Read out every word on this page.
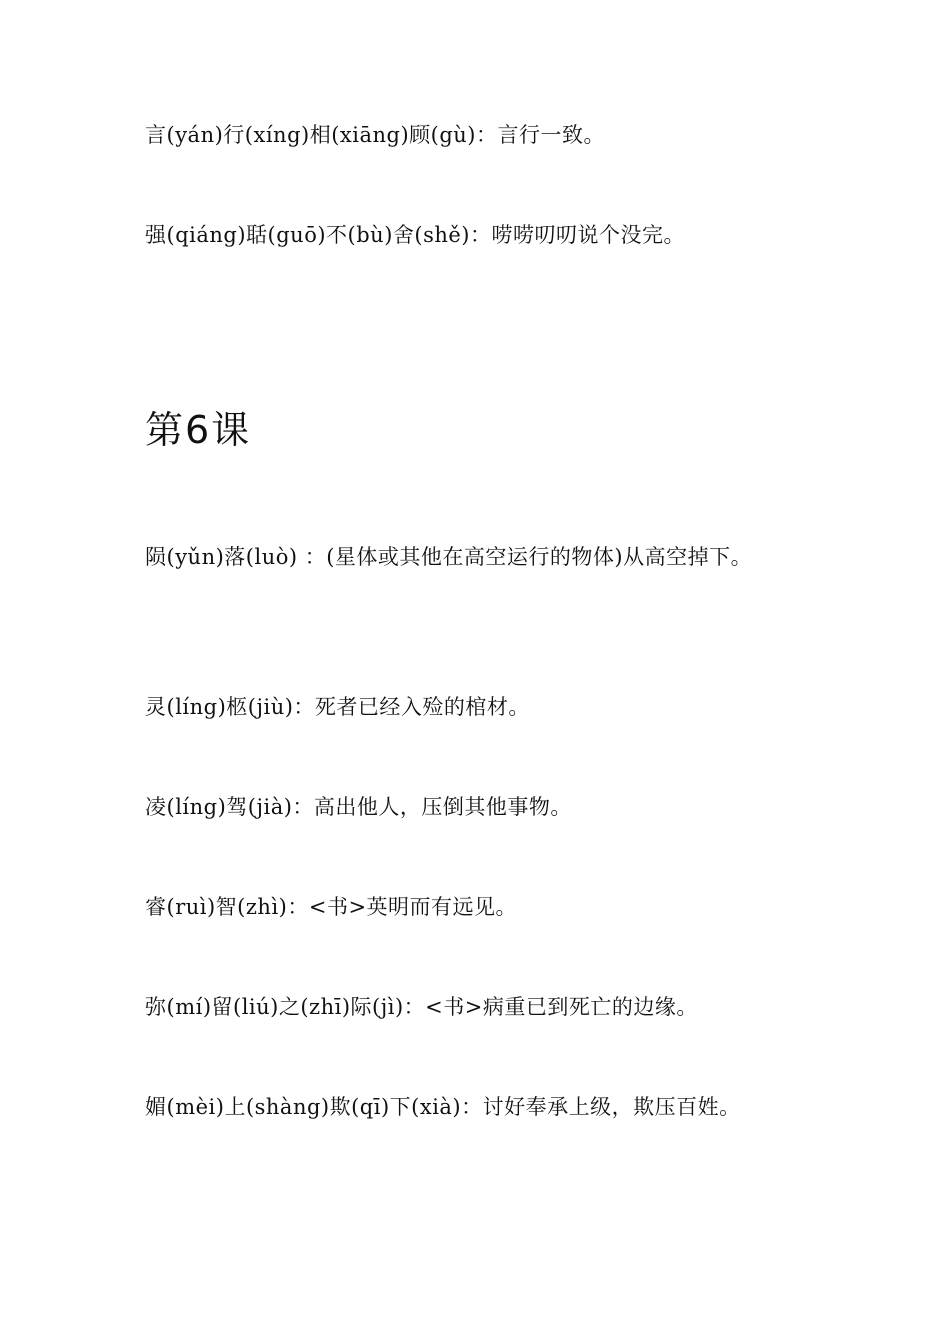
言(yán)行(xíng)相(xiāng)顾(gù)：言行一致。

强(qiáng)聒(guō)不(bù)舍(shě)：唠唠叨叨说个没完。

第6课

陨(yǔn)落(luò) ：(星体或其他在高空运行的物体)从高空掉下。

灵(líng)柩(jiù)：死者已经入殓的棺材。

凌(líng)驾(jià)：高出他人，压倒其他事物。

睿(ruì)智(zhì)：<书>英明而有远见。

弥(mí)留(liú)之(zhī)际(jì)：<书>病重已到死亡的边缘。

媚(mèi)上(shàng)欺(qī)下(xià)：讨好奉承上级，欺压百姓。
